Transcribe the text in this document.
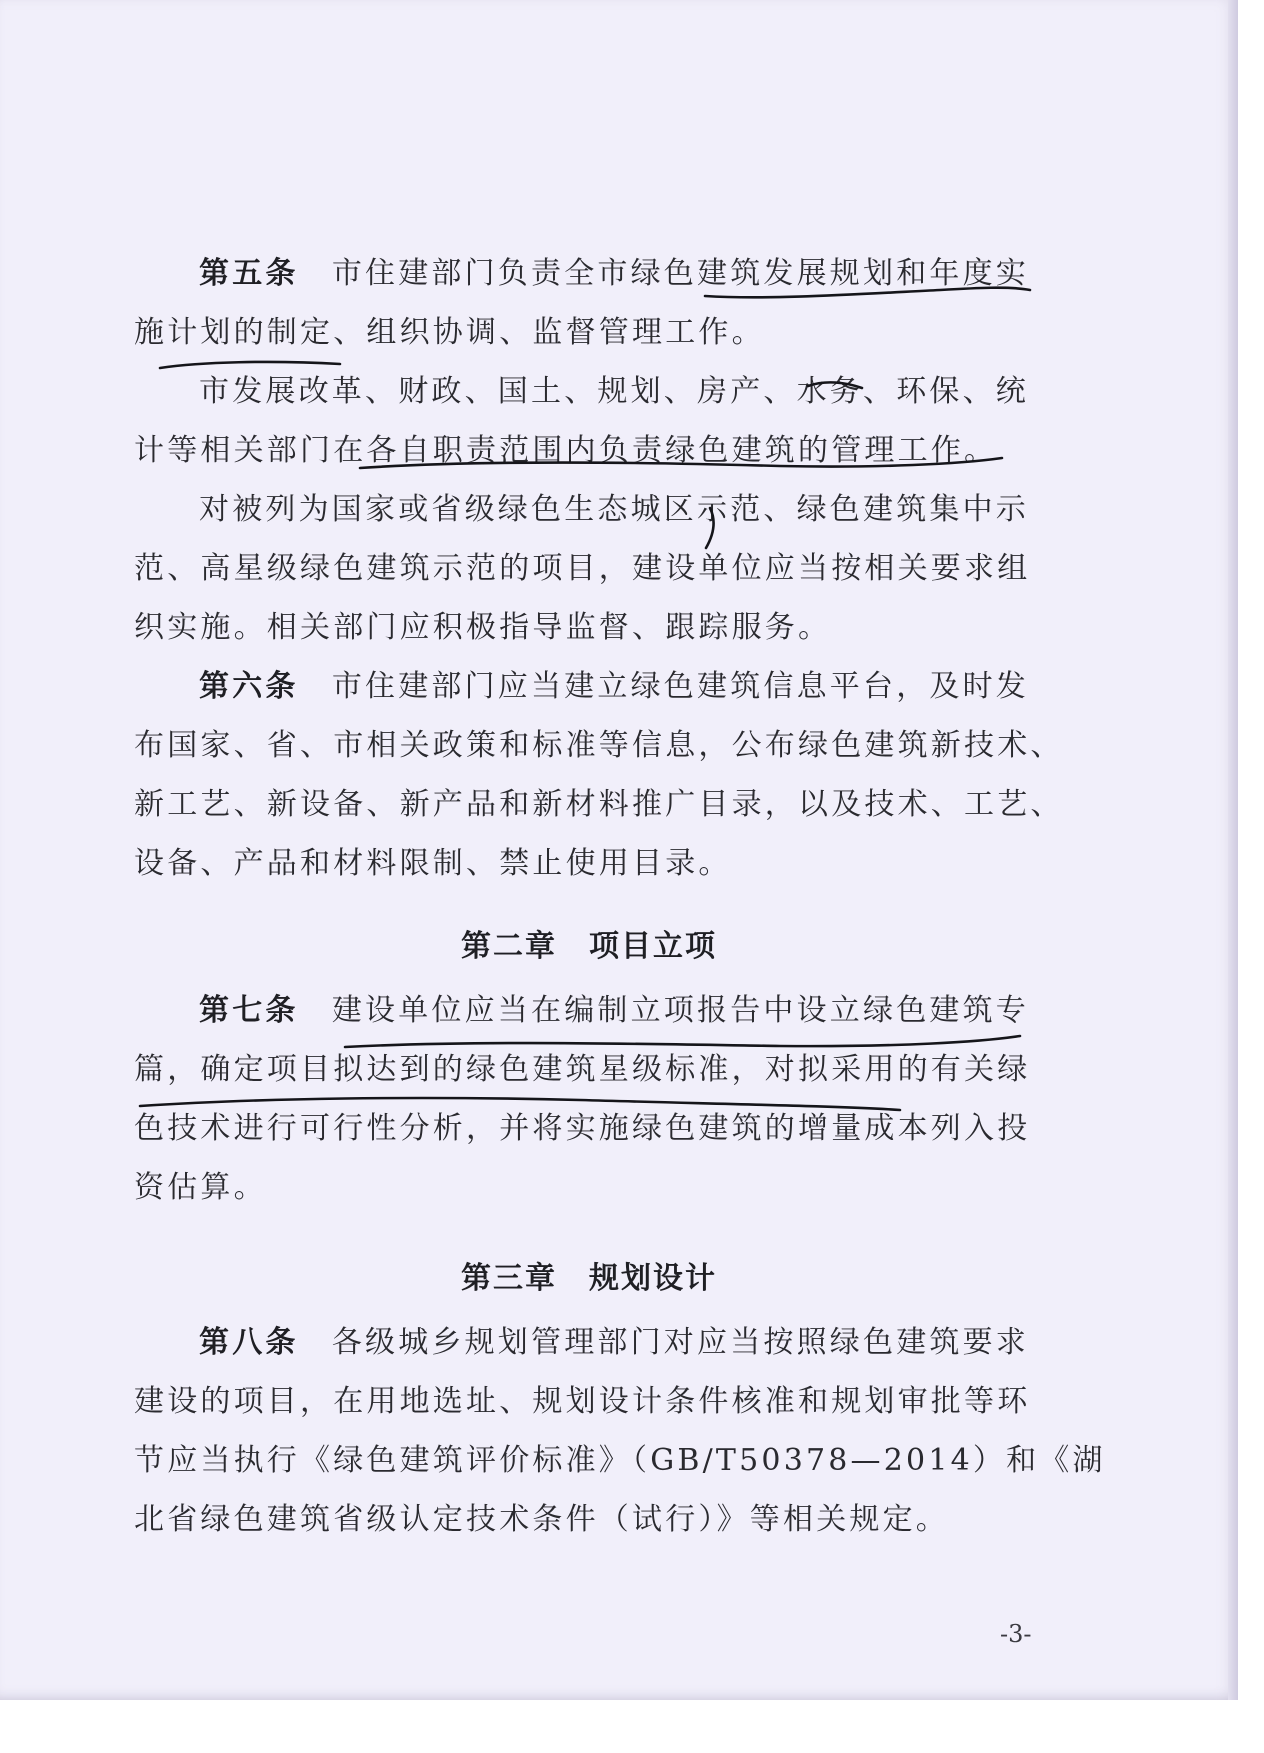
第五条　 市住建部门负责全市绿色建筑发展规划和年度实
施计划的制定、组织协调、监督管理工作。
市发展改革、财政、国土、规划、房产、水务、环保、统
计等相关部门在各自职责范围内负责绿色建筑的管理工作。
对被列为国家或省级绿色生态城区示范、绿色建筑集中示
范、高星级绿色建筑示范的项目，建设单位应当按相关要求组
织实施。相关部门应积极指导监督、跟踪服务。
第六条　 市住建部门应当建立绿色建筑信息平台，及时发
布国家、省、市相关政策和标准等信息，公布绿色建筑新技术、
新工艺、新设备、新产品和新材料推广目录，以及技术、工艺、
设备、产品和材料限制、禁止使用目录。
第二章　项目立项
第七条　 建设单位应当在编制立项报告中设立绿色建筑专
篇，确定项目拟达到的绿色建筑星级标准，对拟采用的有关绿
色技术进行可行性分析，并将实施绿色建筑的增量成本列入投
资估算。
第三章　规划设计
第八条　 各级城乡规划管理部门对应当按照绿色建筑要求
建设的项目，在用地选址、规划设计条件核准和规划审批等环
节应当执行《绿色建筑评价标准》（GB/T50378—2014）和《湖
北省绿色建筑省级认定技术条件（试行）》等相关规定。
-3-
